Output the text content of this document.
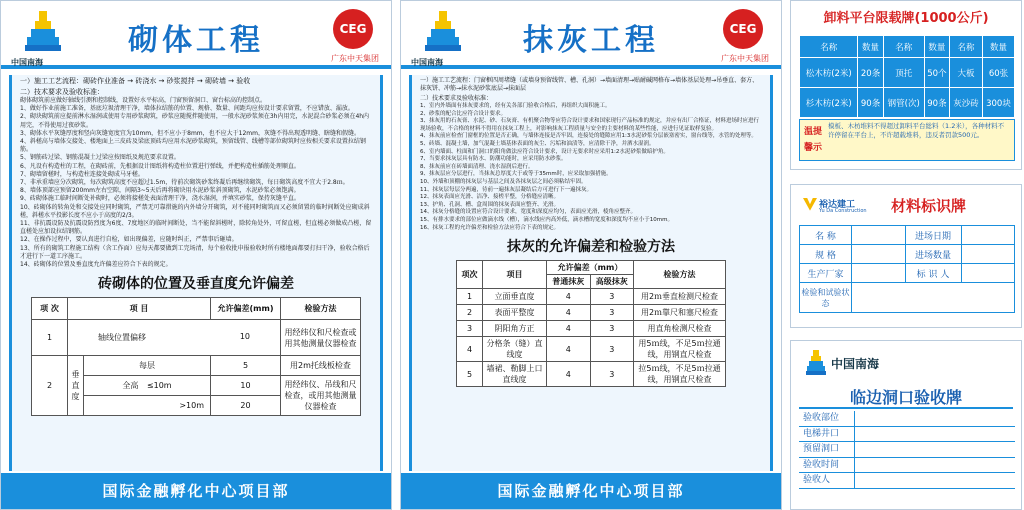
中国南海
砌体工程	CEG
广东中天集团
一）施工工艺流程：砌砖作业准备 → 砖浇水 → 砂浆搅拌 → 砌砖墙 → 验收
二）技术要求及验收标准：
砌体砌筑前应做好轴线引测和控制线，设置好水平标高，门窗预留洞口、窗台标高的控制点。
1、做好作业前施工准备，基底垃圾清理干净，墙体拉结筋的位置、规格、数量、间距均应按设计要求留置，不应错放、漏放。
2、砌块砌筑前应提前淋水湿润或使用专用砂浆砌筑，砂浆应随搅拌随使用，一般水泥砂浆须在3h内用完，水泥混合砂浆必须在4h内用完，不得使用过夜砂浆。
3、砌体水平灰缝厚度和竖向灰缝宽度宜为10mm，但不应小于8mm，也不应大于12mm，灰缝不得出现透明缝、瞎缝和假缝。
4、斜槎高与墙体交接处、楼地面上三皮砖及梁底顶砖均应用水泥砂浆砌筑，预留线管、线槽等部位砌筑时应按相关要求设置拉结钢筋。
5、钢筋砖过梁、钢筋混凝土过梁应按图纸及规范要求设置。
6、凡设有构造柱的工程，在砌砖前，先根据设计图纸将构造柱位置进行弹线，并把构造柱插筋处理顺直。
7、砌墙留槎时，与构造柱连接处砌成马牙槎。
7、非承重墙应分次砌筑，每次砌筑高度不应超过1.5m，待前次砌筑砂浆终凝后再继续砌筑，每日砌筑高度不宜大于2.8ｍ。
8、墙体顶部应预留200mm左右空隙，间隔3~5天后再将砌块用水泥砂浆斜顶砌筑，水泥砂浆必须饱满。
9、砖砌体施工临时间断处补砌时，必须将接槎处表面清理干净，浇水湿润，并填实砂浆，保持灰缝平直。
10、砖砌体的转角处和交接处应同时砌筑，严禁无可靠措施的内外墙分开砌筑，对不能同时砌筑而又必须留置的临时间断处应砌成斜槎，斜槎水平投影长度不应小于高度的2/3。
11、非抗震设防及抗震设防烈度为6度、7度地区的临时间断处，当不能留斜槎时，除转角处外，可留直槎，但直槎必须做成凸槎，留直槎处应加设拉结钢筋。
12、在操作过程中，要认真进行自检，如出现偏差，应随时纠正，严禁事后砸墙。
13、所有的砌筑工程施工结构（含工作面）应每天都要做到工完场清，每个验收批申报验收时所有楼地面都要打扫干净，验收合格后才进行下一道工序施工。
14、砖砌体的位置及垂直度允许偏差应符合下表的规定。
砖砌体的位置及垂直度允许偏差
项 次	项 目		允许偏差(mm)	检验方法
1	轴线位置偏移 10			用经纬仪和尺检查或用其他测量仪器检查
2	垂直度	每层	5	用2m托线板检查
		全高 ≤10m	10	用经纬仪、吊线和尺检查，或用其他测量仪器检查
		>10m	20	
国际金融孵化中心项目部
中国南海
抹灰工程	CEG
广东中天集团
一）施工工艺流程：门窗框四周堵缝（或墙身预留线管、槽、孔洞）→墙面清理→贴耐碱网格布→墙体基层处理→吊垂直、套方、抹灰饼、冲筋→抹水泥砂浆底层→抹面层
二）技术要求及验收标准：
1、室内外墙面有抹灰要求的，经有关各部门验收合格后，再组织大面积施工。
2、砂浆的配合比应符合设计要求。
3、抹灰用的石灰膏、水泥、砂、石灰膏、有机聚合物等应符合设计要求和国家现行产品标准的规定，并应有出厂合格证，材料进场时应进行现场验收，不合格的材料不得用在抹灰工程上，对影响抹灰工程质量与安全的主要材料的某些性能，应进行见证取样复验。
4、抹灰前应检查门窗框的位置是否正确，与墙体连接是否牢固，连接处的缝隙应用1:3水泥砂浆分层嵌塞密实，窗台线等，水管的处理等。
5、砖墙、混凝土墙，加气混凝土墙基体表面的灰尘、污垢和油渍等，应清除干净，并洒水湿润。
6、室内墙面、柱面和门洞口的阳角做法应符合设计要求，设计无要求时应采用1:2水泥砂浆做暗护角。
7、当要求抹灰层具有防水、防潮功能时，应采用防水砂浆。
8、抹灰前应在砖墙面清理、浇水湿润后进行。
9、抹灰层应分层进行，当抹灰总厚度大于或等于35mm时，应采取加强措施。
10、外墙和顶棚的抹灰层与基层之间及各抹灰层之间必须粘结牢固。
11、抹灰层每层分两遍，待前一遍抹灰层凝结后方可进行下一遍抹灰。
12、抹灰表面应光滑、洁净、接槎平整，分格缝应清晰。
13、护角、孔洞、槽、盒周围的抹灰表面应整齐、光滑。
14、抹灰分格缝的设置应符合设计要求，宽度和深度应均匀，表面应光滑，棱角应整齐。
15、有排水要求的部位应做滴水线（槽），滴水线应内高外低，滴水槽的宽度和深度均不应小于10mm。
16、抹灰工程的允许偏差和检验方法应符合下表的规定。
抹灰的允许偏差和检验方法
项次	项目	允许偏差（mm）		检验方法
		普通抹灰	高级抹灰	
1	立面垂直度	4	3	用2ｍ垂直检测尺检查
2	表面平整度	4	3	用2ｍ靠尺和塞尺检查
3	阴阳角方正	4	3	用直角检测尺检查
4	分格条（缝）直线度	4	3	用5ｍ线，不足5ｍ拉通线，用钢直尺检查
5	墙裙、勒脚上口直线度	4	3	拉5ｍ线，不足5ｍ拉通线，用钢直尺检查
国际金融孵化中心项目部
卸料平台限载牌(1000公斤)
名称	数量	名称	数量	名称	数量
松木枋(2米)	20条	顶托	50个	大板	60张
杉木枋(2米)	90条	钢管(次)	90条	灰沙砖	300块
温提馨示
模板、木枋堆料不得超过卸料平台総料（1.2米），各种材料不许停留在平台上，不许超载堆料，违反者罚款500元。
裕达建工
Yu Da Construction 材料标识牌
名 称		进场日期	
规 格		进场数量	
生产厂家		标 识 人	
检验和试验状态			
中国南海
临边洞口验收牌
验收部位
电梯井口
预留洞口
验收时间
验收人
